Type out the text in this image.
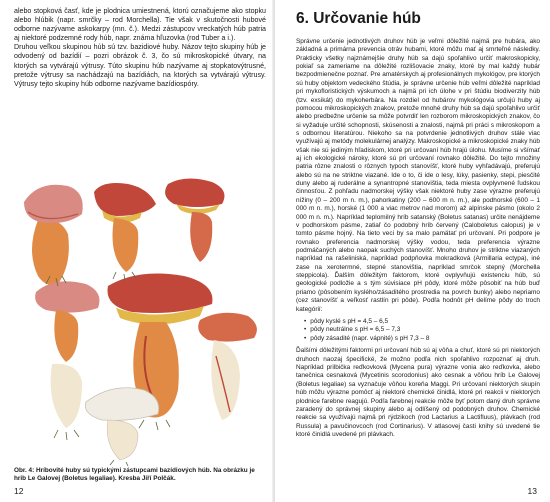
alebo stopková časť, kde je plodnica umiestnená, ktorú označujeme ako stopku alebo hlúbik (napr. smrčky – rod Morchella). Tie však v skutočnosti hubové odborne nazývame askokarpy (mn. č.). Medzi zástupcov vreckatých húb patria aj niektoré podzemné rody húb, napr. známa hľuzovka (rod Tuber a i.).

Druhou veľkou skupinou húb sú tzv. bazidiové huby. Názov tejto skupiny húb je odvodený od bazídií – pozri obrázok č. 3, čo sú mikroskopické útvary, na ktorých sa vytvárajú výtrusy. Túto skupinu húb nazývame aj stopkatovýtrusné, pretože výtrusy sa nachádzajú na bazídiách, na ktorých sa vytvárajú výtrusy. Výtrusy tejto skupiny húb odborne nazývame bazídiospóry.

Obr. 4: Hríbovité huby sú typickými zástupcami bazídiových húb. Na obrázku je hrib Le Galovej (Boletus legaliae). Kresba Jiří Polčák.

12
6. Určovanie húb

Správne určenie jednotlivých druhov húb je veľmi dôležité najmä pre hubára, ako základná a primárna prevencia otráv hubami, ktoré môžu mať aj smrteľné následky. Prakticky všetky najznámejšie druhy húb sa dajú spoľahlivo určiť makroskopicky, pokiaľ sa zameriame na dôležité rozlišovacie znaky, ktoré by mal každý hubár bezpodmienečne poznať. Pre amatérskych aj profesionálnych mykológov, pre ktorých sú huby objektom vedeckého štúdia, je správne určenie húb veľmi dôležité napríklad pri mykofloristických výskumoch a najmä pri ich úlohe v pri štúdiu biodiverzity húb (tzv. exsikát) do mykoherbára. Na rozdiel od hubárov mykológovia určujú huby aj pomocou mikroskopických znakov, pretože mnohé druhy húb sa dajú spoľahlivo určiť alebo predbežne určenie sa môže potvrdiť len rozborom mikroskopických znakov, čo si vyžaduje určité schopnosti, skúsenosti a znalosti, najmä pri práci s mikroskopom a s odbornou literatúrou. Niekoho sa na potvrdenie jednotlivých druhov stále viac využívajú aj metódy molekulárnej analýzy. Makroskopické a mikroskopické znaky húb však nie sú jediným hľadiskom, ktoré pri určovaní húb hrajú úlohu. Musíme si všímať aj ich ekologické nároky, ktoré sú pri určovaní rovnako dôležité. Do tejto množiny patria rôzne znalosti o rôznych typoch stanovíšť, ktoré huby vyhľadávajú, preferujú alebo sú na ne striktne viazané. Ide o to, či ide o lesy, lúky, pasienky, stepi, piesčité duny alebo aj ruderálne a synantropné stanovištia, teda miesta ovplyvnené ľudskou činnosťou. Z pohľadu nadmorskej výšky však niektoré huby zase výrazne preferujú nížiny (0 – 200 m n. m.), pahorkatiny (200 – 600 m n. m.), ale podhorské (600 – 1 000 m n. m.), horské (1 000 a viac metrov nad morom) až alpínske pásmo (okolo 2 000 m n. m.). Napríklad teplomilný hríb satanský (Boletus satanas) určite nenájdeme v podhorskom pásme, zatiaľ čo podobný hríb červený (Caloboletus calopus) je v tomto pásme hojný. Na tieto veci by sa malo pamätať pri určovaní. Pri podpore je rovnako preferencia nadmorskej výšky vodou, teda preferencia výrazne podmáčaných alebo naopak suchých stanovíšť. Mnoho druhov je striktne viazaných napríklad na rašeliniská, napríklad podpňovka mokradková (Armillaria ectypa), iné zase na xerotermné, stepné stanovištia, napríklad smrčok stepný (Morchella steppicola). Ďalším dôležitým faktorom, ktoré ovplyvňujú existenciu húb, sú geologické podložie a s tým súvisiace pH pôdy, ktoré môže pôsobiť na húb buď priamo (pôsobením kyslého/zásaditého prostredia na povrch bunky) alebo nepriamo (cez stanovíšť a veľkosť rastlín pri pôde). Podľa hodnôt pH delíme pôdy do troch kategórií:

• pôdy kyslé s pH = 4,5 – 6,5
• pôdy neutrálne s pH = 6,5 – 7,3
• pôdy zásadité (napr. vápnité) s pH 7,3 – 8

Ďalšími dôležitými faktormi pri určovaní húb sú aj vôňa a chuť, ktoré sú pri niektorých druhoch naozaj špecifické, že možno podľa nich spoľahlivo rozpoznať aj druh. Napríklad prilbička reďkovková (Mycena pura) výrazne vonia ako reďkovka, alebo tanečnica cesnaková (Mycetinis scorodonius) ako cesnak a vôňou hríb Le Galovej (Boletus legaliae) sa vyznačuje vôňou koreňa Maggi. Pri určovaní niektorých skupín húb môžu výrazne pomôcť aj niektoré chemické činidlá, ktoré pri reakcii v niektorých plodnice farebne reagujú. Podľa farebnej reakcie môže byť potom daný druh správne zaradený do správnej skupiny alebo aj odlíšený od podobných druhov. Chemické reakcie sa využívajú najmä pri rýdzikoch (rod Lactarius a Lactifluus), plávkach (rod Russula) a pavučinovcoch (rod Cortinarius). V atlasovej časti knihy sú uvedené tie ktoré činidlá uvedené pri plávkach.

13
